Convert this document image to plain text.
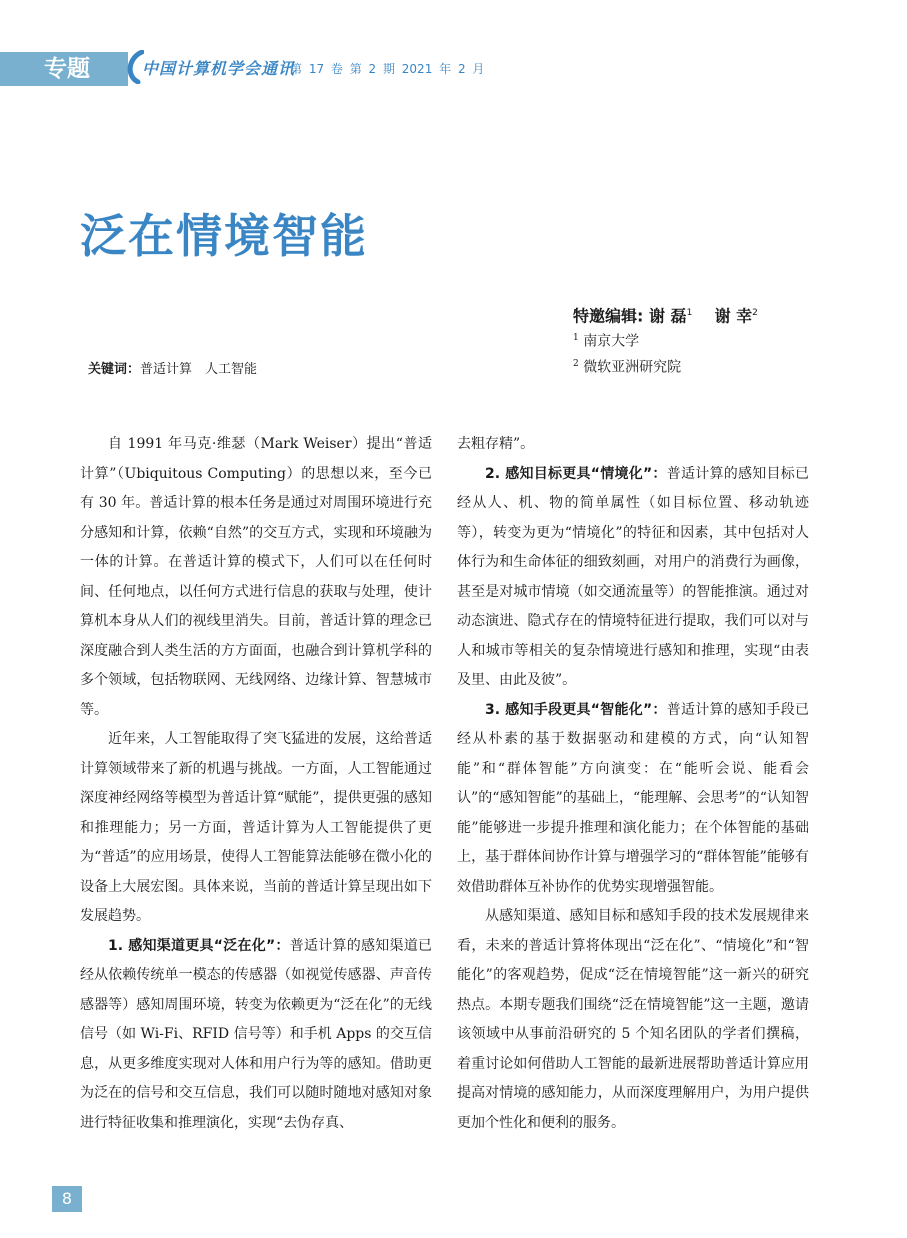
专题	中国计算机学会通讯
第 17 卷 第 2 期 2021 年 2 月
泛在情境智能
特邀编辑: 谢 磊$^1$ 谢 幸$^2$
$^1$ 南京大学
$^2$ 微软亚洲研究院
关键词：普适计算　人工智能

自 1991 年马克·维瑟（Mark Weiser）提出“普适计算”（Ubiquitous Computing）的思想以来，至今已有 30 年。普适计算的根本任务是通过对周围环境进行充分感知和计算，依赖“自然”的交互方式，实现和环境融为一体的计算。在普适计算的模式下，人们可以在任何时间、任何地点，以任何方式进行信息的获取与处理，使计算机本身从人们的视线里消失。目前，普适计算的理念已深度融合到人类生活的方方面面，也融合到计算机学科的多个领域，包括物联网、无线网络、边缘计算、智慧城市等。

近年来，人工智能取得了突飞猛进的发展，这给普适计算领域带来了新的机遇与挑战。一方面，人工智能通过深度神经网络等模型为普适计算“赋能”，提供更强的感知和推理能力；另一方面，普适计算为人工智能提供了更为“普适”的应用场景，使得人工智能算法能够在微小化的设备上大展宏图。具体来说，当前的普适计算呈现出如下发展趋势。

1. 感知渠道更具“泛在化”：普适计算的感知渠道已经从依赖传统单一模态的传感器（如视觉传感器、声音传感器等）感知周围环境，转变为依赖更为“泛在化”的无线信号（如 Wi-Fi、RFID 信号等）和手机 Apps 的交互信息，从更多维度实现对人体和用户行为等的感知。借助更为泛在的信号和交互信息，我们可以随时随地对感知对象进行特征收集和推理演化，实现“去伪存真、

去粗存精”。

2. 感知目标更具“情境化”：普适计算的感知目标已经从人、机、物的简单属性（如目标位置、移动轨迹等），转变为更为“情境化”的特征和因素，其中包括对人体行为和生命体征的细致刻画，对用户的消费行为画像，甚至是对城市情境（如交通流量等）的智能推演。通过对动态演进、隐式存在的情境特征进行提取，我们可以对与人和城市等相关的复杂情境进行感知和推理，实现“由表及里、由此及彼”。

3. 感知手段更具“智能化”：普适计算的感知手段已经从朴素的基于数据驱动和建模的方式，向“认知智能”和“群体智能”方向演变：在“能听会说、能看会认”的“感知智能”的基础上，“能理解、会思考”的“认知智能”能够进一步提升推理和演化能力；在个体智能的基础上，基于群体间协作计算与增强学习的“群体智能”能够有效借助群体互补协作的优势实现增强智能。

从感知渠道、感知目标和感知手段的技术发展规律来看，未来的普适计算将体现出“泛在化”、“情境化”和“智能化”的客观趋势，促成“泛在情境智能”这一新兴的研究热点。本期专题我们围绕“泛在情境智能”这一主题，邀请该领域中从事前沿研究的 5 个知名团队的学者们撰稿，着重讨论如何借助人工智能的最新进展帮助普适计算应用提高对情境的感知能力，从而深度理解用户，为用户提供更加个性化和便利的服务。

8
